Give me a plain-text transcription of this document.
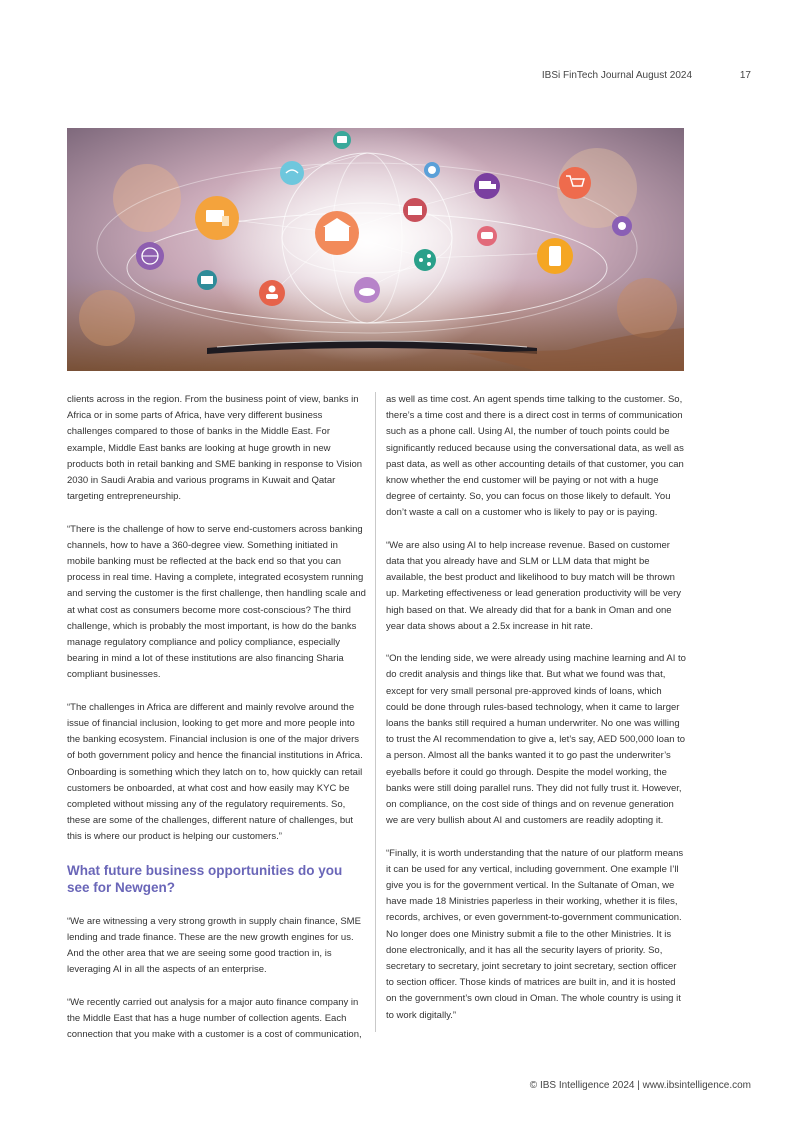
IBSi FinTech Journal August 2024	17

clients across in the region. From the business point of view, banks in Africa or in some parts of Africa, have very different business challenges compared to those of banks in the Middle East. For example, Middle East banks are looking at huge growth in new products both in retail banking and SME banking in response to Vision 2030 in Saudi Arabia and various programs in Kuwait and Qatar targeting entrepreneurship.

“There is the challenge of how to serve end-customers across banking channels, how to have a 360-degree view. Something initiated in mobile banking must be reflected at the back end so that you can process in real time. Having a complete, integrated ecosystem running and serving the customer is the first challenge, then handling scale and at what cost as consumers become more cost-conscious? The third challenge, which is probably the most important, is how do the banks manage regulatory compliance and policy compliance, especially bearing in mind a lot of these institutions are also financing Sharia compliant businesses.

“The challenges in Africa are different and mainly revolve around the issue of financial inclusion, looking to get more and more people into the banking ecosystem. Financial inclusion is one of the major drivers of both government policy and hence the financial institutions in Africa. Onboarding is something which they latch on to, how quickly can retail customers be onboarded, at what cost and how easily may KYC be completed without missing any of the regulatory requirements. So, these are some of the challenges, different nature of challenges, but this is where our product is helping our customers.”

What future business opportunities do you see for Newgen?

“We are witnessing a very strong growth in supply chain finance, SME lending and trade finance. These are the new growth engines for us. And the other area that we are seeing some good traction in, is leveraging AI in all the aspects of an enterprise.

“We recently carried out analysis for a major auto finance company in the Middle East that has a huge number of collection agents. Each connection that you make with a customer is a cost of communication,

as well as time cost. An agent spends time talking to the customer. So, there’s a time cost and there is a direct cost in terms of communication such as a phone call. Using AI, the number of touch points could be significantly reduced because using the conversational data, as well as past data, as well as other accounting details of that customer, you can know whether the end customer will be paying or not with a huge degree of certainty. So, you can focus on those likely to default. You don’t waste a call on a customer who is likely to pay or is paying.

“We are also using AI to help increase revenue. Based on customer data that you already have and SLM or LLM data that might be available, the best product and likelihood to buy match will be thrown up. Marketing effectiveness or lead generation productivity will be very high based on that. We already did that for a bank in Oman and one year data shows about a 2.5x increase in hit rate.

“On the lending side, we were already using machine learning and AI to do credit analysis and things like that. But what we found was that, except for very small personal pre-approved kinds of loans, which could be done through rules-based technology, when it came to larger loans the banks still required a human underwriter. No one was willing to trust the AI recommendation to give a, let’s say, AED 500,000 loan to a person. Almost all the banks wanted it to go past the underwriter’s eyeballs before it could go through. Despite the model working, the banks were still doing parallel runs. They did not fully trust it. However, on compliance, on the cost side of things and on revenue generation we are very bullish about AI and customers are readily adopting it.

“Finally, it is worth understanding that the nature of our platform means it can be used for any vertical, including government. One example I’ll give you is for the government vertical. In the Sultanate of Oman, we have made 18 Ministries paperless in their working, whether it is files, records, archives, or even government-to-government communication. No longer does one Ministry submit a file to the other Ministries. It is done electronically, and it has all the security layers of priority. So, secretary to secretary, joint secretary to joint secretary, section officer to section officer. Those kinds of matrices are built in, and it is hosted on the government’s own cloud in Oman. The whole country is using it to work digitally.”

© IBS Intelligence 2024 | www.ibsintelligence.com
